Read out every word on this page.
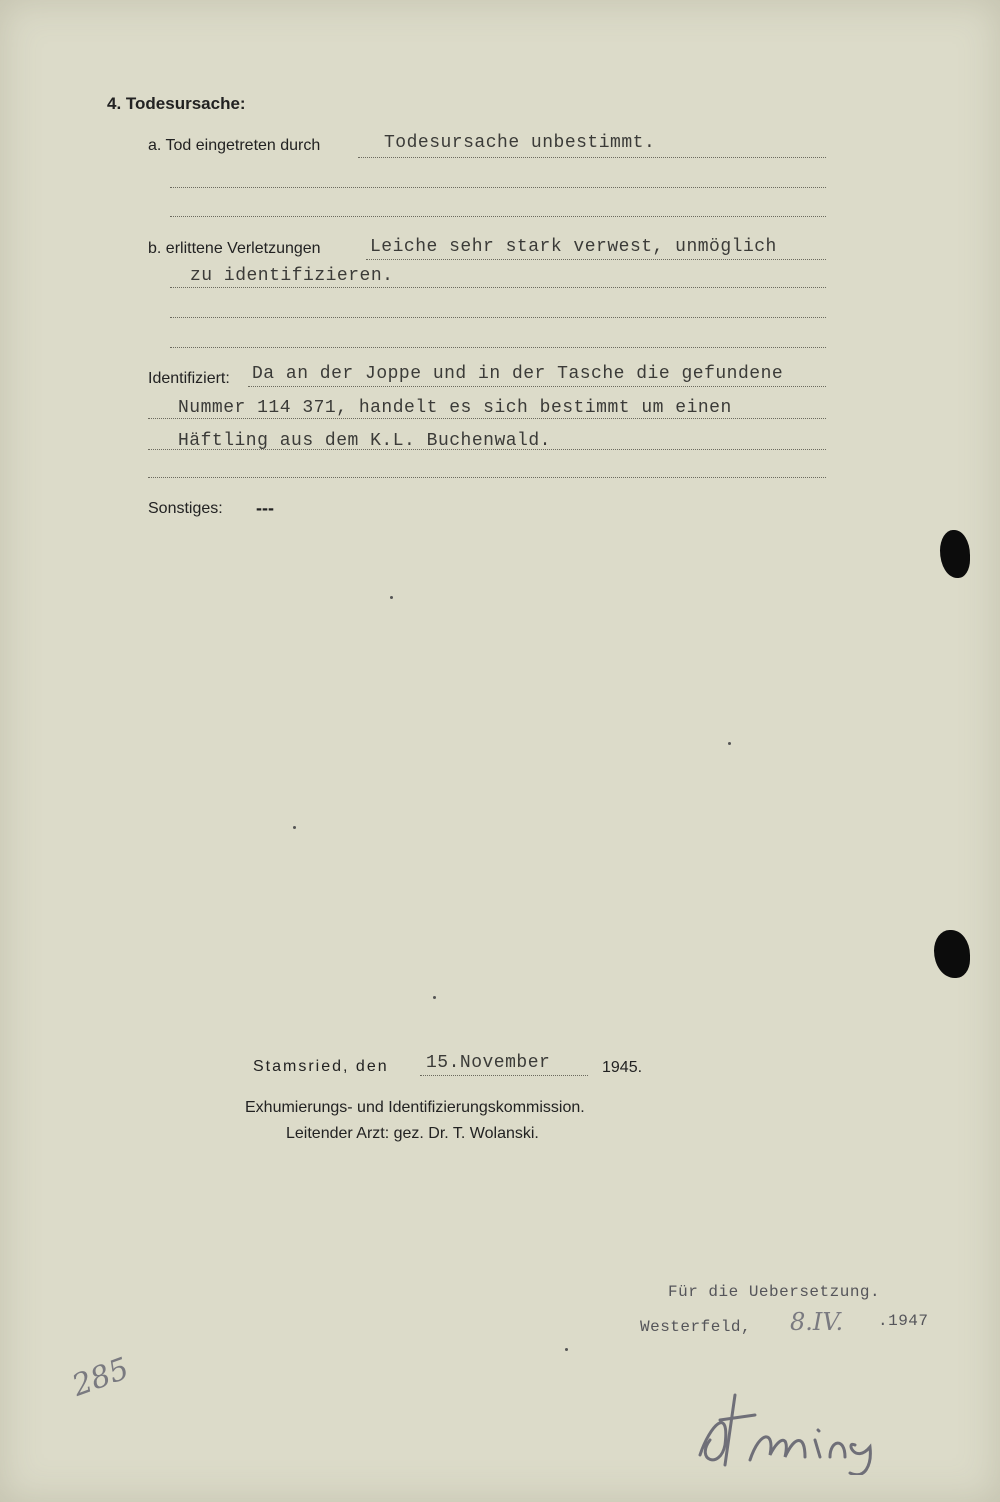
4. Todesursache:
a. Tod eingetreten durch	Todesursache unbestimmt.
b. erlittene Verletzungen	Leiche sehr stark verwest, unmöglich
zu identifizieren.
Identifiziert: Da an der Joppe und in der Tasche die gefundene
Nummer 114 371, handelt es sich bestimmt um einen
Häftling aus dem K.L. Buchenwald.
Sonstiges: ---
Stamsried, den 15.November	1945.
Exhumierungs- und Identifizierungskommission.
Leitender Arzt: gez. Dr. T. Wolanski.
Für die Uebersetzung.
Westerfeld, 8.IV. .1947
285
